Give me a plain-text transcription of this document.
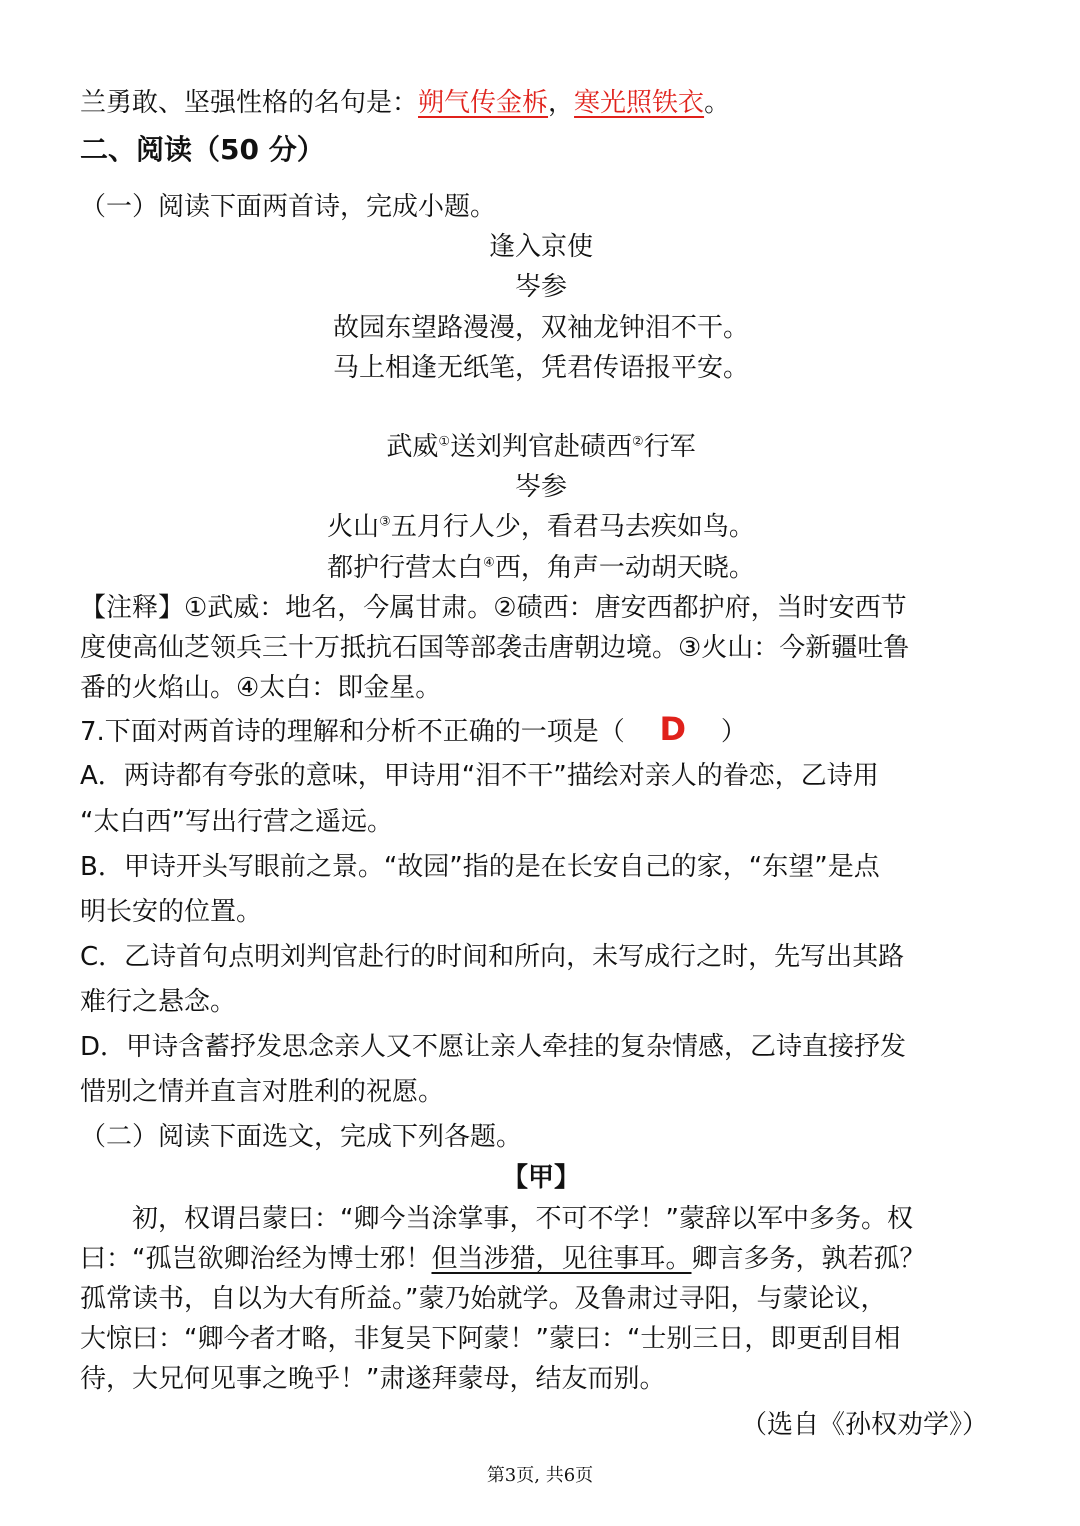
兰勇敢、坚强性格的名句是：朔气传金柝，寒光照铁衣。
二、阅读（50 分）
（一）阅读下面两首诗，完成小题。
逢入京使
岑参
故园东望路漫漫，双袖龙钟泪不干。
马上相逢无纸笔，凭君传语报平安。
武威①送刘判官赴碛西②行军
岑参
火山③五月行人少，看君马去疾如鸟。
都护行营太白④西，角声一动胡天晓。
【注释】①武威：地名，今属甘肃。②碛西：唐安西都护府，当时安西节
度使高仙芝领兵三十万抵抗石国等部袭击唐朝边境。③火山：今新疆吐鲁
番的火焰山。④太白：即金星。
7.下面对两首诗的理解和分析不正确的一项是（ D ）
A．两诗都有夸张的意味，甲诗用“泪不干”描绘对亲人的眷恋，乙诗用
“太白西”写出行营之遥远。
B．甲诗开头写眼前之景。“故园”指的是在长安自己的家，“东望”是点
明长安的位置。
C．乙诗首句点明刘判官赴行的时间和所向，未写成行之时，先写出其路
难行之悬念。
D．甲诗含蓄抒发思念亲人又不愿让亲人牵挂的复杂情感，乙诗直接抒发
惜别之情并直言对胜利的祝愿。
（二）阅读下面选文，完成下列各题。
【甲】
初，权谓吕蒙曰：“卿今当涂掌事，不可不学！”蒙辞以军中多务。权
曰：“孤岂欲卿治经为博士邪！但当涉猎，见往事耳。卿言多务，孰若孤？
孤常读书，自以为大有所益。”蒙乃始就学。及鲁肃过寻阳，与蒙论议，
大惊曰：“卿今者才略，非复吴下阿蒙！”蒙曰：“士别三日，即更刮目相
待，大兄何见事之晚乎！”肃遂拜蒙母，结友而别。
（选自《孙权劝学》）
第3页, 共6页
